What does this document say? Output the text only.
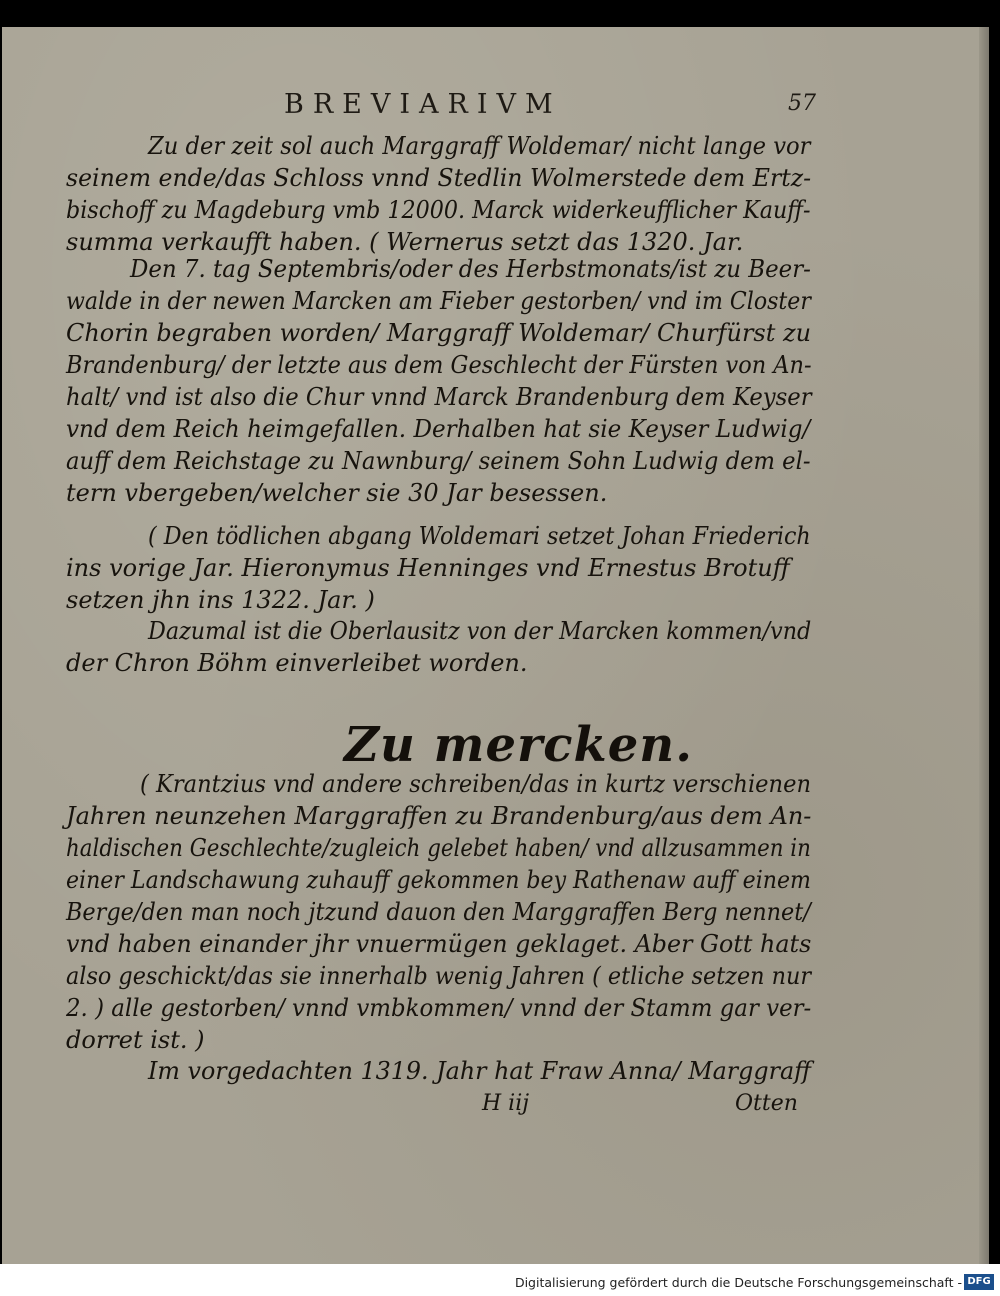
BREVIARIVM	57
Zu der zeit sol auch Marggraff Woldemar/ nicht lange vor
seinem ende/das Schloss vnnd Stedlin Wolmerstede dem Ertz-
bischoff zu Magdeburg vmb 12000. Marck widerkeufflicher Kauff-
summa verkaufft haben. ( Wernerus setzt das 1320. Jar.
Den 7. tag Septembris/oder des Herbstmonats/ist zu Beer-
walde in der newen Marcken am Fieber gestorben/ vnd im Closter
Chorin begraben worden/ Marggraff Woldemar/ Churfürst zu
Brandenburg/ der letzte aus dem Geschlecht der Fürsten von An-
halt/ vnd ist also die Chur vnnd Marck Brandenburg dem Keyser
vnd dem Reich heimgefallen. Derhalben hat sie Keyser Ludwig/
auff dem Reichstage zu Nawnburg/ seinem Sohn Ludwig dem el-
tern vbergeben/welcher sie 30 Jar besessen.
( Den tödlichen abgang Woldemari setzet Johan Friederich
ins vorige Jar. Hieronymus Henninges vnd Ernestus Brotuff
setzen jhn ins 1322. Jar. )
Dazumal ist die Oberlausitz von der Marcken kommen/vnd
der Chron Böhm einverleibet worden.
Zu mercken.
( Krantzius vnd andere schreiben/das in kurtz verschienen
Jahren neunzehen Marggraffen zu Brandenburg/aus dem An-
haldischen Geschlechte/zugleich gelebet haben/ vnd allzusammen in
einer Landschawung zuhauff gekommen bey Rathenaw auff einem
Berge/den man noch jtzund dauon den Marggraffen Berg nennet/
vnd haben einander jhr vnuermügen geklaget. Aber Gott hats
also geschickt/das sie innerhalb wenig Jahren ( etliche setzen nur
2. ) alle gestorben/ vnnd vmbkommen/ vnnd der Stamm gar ver-
dorret ist. )
Im vorgedachten 1319. Jahr hat Fraw Anna/ Marggraff
H iij	Otten
Digitalisierung gefördert durch die Deutsche Forschungsgemeinschaft - DFG
